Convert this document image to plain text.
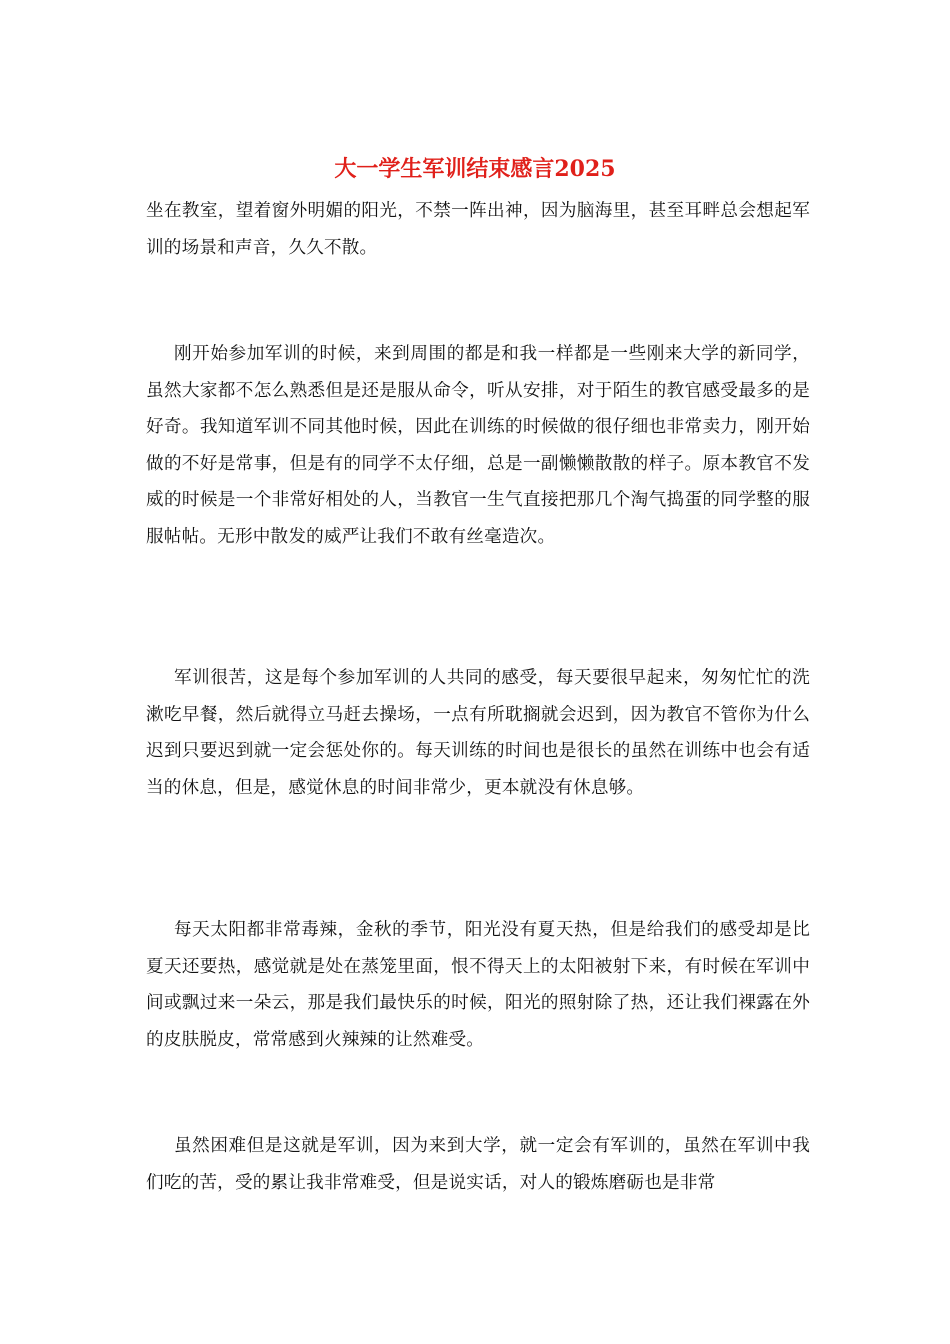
大一学生军训结束感言2025

坐在教室，望着窗外明媚的阳光，不禁一阵出神，因为脑海里，甚至耳畔总会想起军训的场景和声音，久久不散。

刚开始参加军训的时候，来到周围的都是和我一样都是一些刚来大学的新同学，虽然大家都不怎么熟悉但是还是服从命令，听从安排，对于陌生的教官感受最多的是好奇。我知道军训不同其他时候，因此在训练的时候做的很仔细也非常卖力，刚开始做的不好是常事，但是有的同学不太仔细，总是一副懒懒散散的样子。原本教官不发威的时候是一个非常好相处的人，当教官一生气直接把那几个淘气捣蛋的同学整的服服帖帖。无形中散发的威严让我们不敢有丝毫造次。

军训很苦，这是每个参加军训的人共同的感受，每天要很早起来，匆匆忙忙的洗漱吃早餐，然后就得立马赶去操场，一点有所耽搁就会迟到，因为教官不管你为什么迟到只要迟到就一定会惩处你的。每天训练的时间也是很长的虽然在训练中也会有适当的休息，但是，感觉休息的时间非常少，更本就没有休息够。

每天太阳都非常毒辣，金秋的季节，阳光没有夏天热，但是给我们的感受却是比夏天还要热，感觉就是处在蒸笼里面，恨不得天上的太阳被射下来，有时候在军训中间或飘过来一朵云，那是我们最快乐的时候，阳光的照射除了热，还让我们裸露在外的皮肤脱皮，常常感到火辣辣的让然难受。

虽然困难但是这就是军训，因为来到大学，就一定会有军训的，虽然在军训中我们吃的苦，受的累让我非常难受，但是说实话，对人的锻炼磨砺也是非常
